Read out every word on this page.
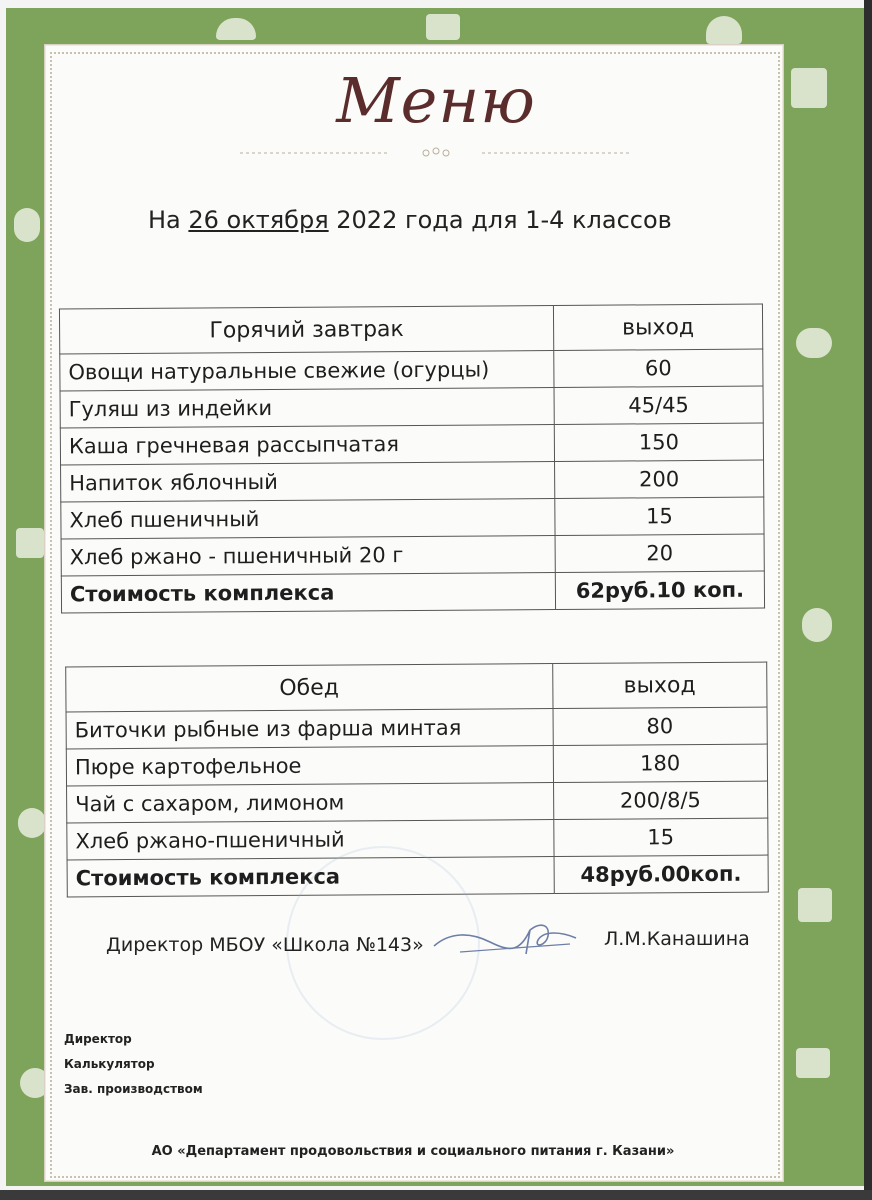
Меню
На 26 октября 2022 года для 1-4 классов
Горячий завтрак	выход
Овощи натуральные свежие (огурцы)	60
Гуляш из индейки	45/45
Каша гречневая рассыпчатая	150
Напиток яблочный	200
Хлеб пшеничный	15
Хлеб ржано - пшеничный 20 г	20
Стоимость комплекса	62руб.10 коп.
Обед	выход
Биточки рыбные из фарша минтая	80
Пюре картофельное	180
Чай с сахаром, лимоном	200/8/5
Хлеб ржано-пшеничный	15
Стоимость комплекса	48руб.00коп.
Директор МБОУ «Школа №143»	Л.М.Канашина
Директор
Калькулятор
Зав. производством
АО «Департамент продовольствия и социального питания г. Казани»
